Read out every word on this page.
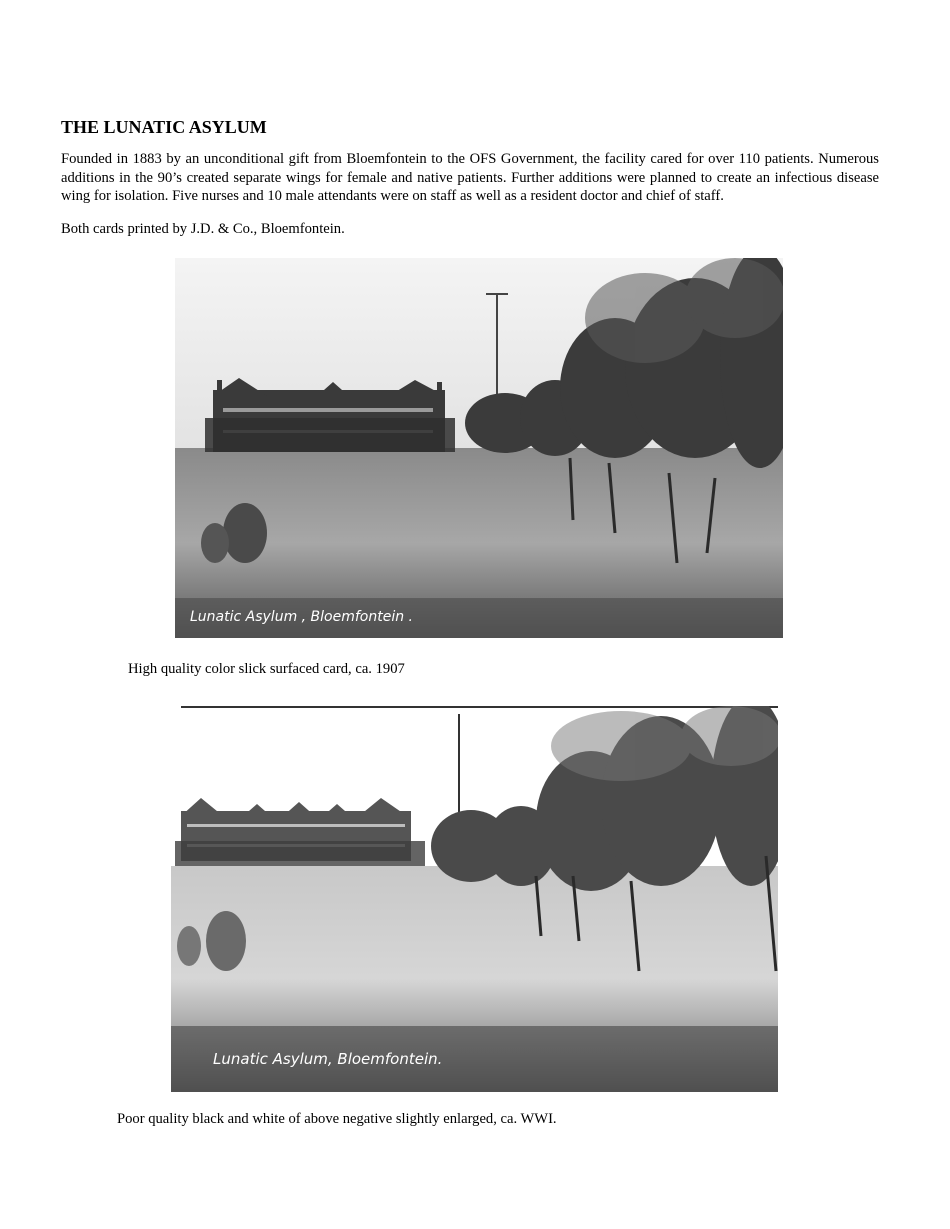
THE LUNATIC ASYLUM

Founded in 1883 by an unconditional gift from Bloemfontein to the OFS Government, the facility cared for over 110 patients. Numerous additions in the 90’s created separate wings for female and native patients. Further additions were planned to create an infectious disease wing for isolation. Five nurses and 10 male attendants were on staff as well as a resident doctor and chief of staff.

Both cards printed by J.D. & Co., Bloemfontein.

Lunatic Asylum , Bloemfontein .

High quality color slick surfaced card, ca. 1907

Lunatic Asylum, Bloemfontein.

Poor quality black and white of above negative slightly enlarged, ca. WWI.
